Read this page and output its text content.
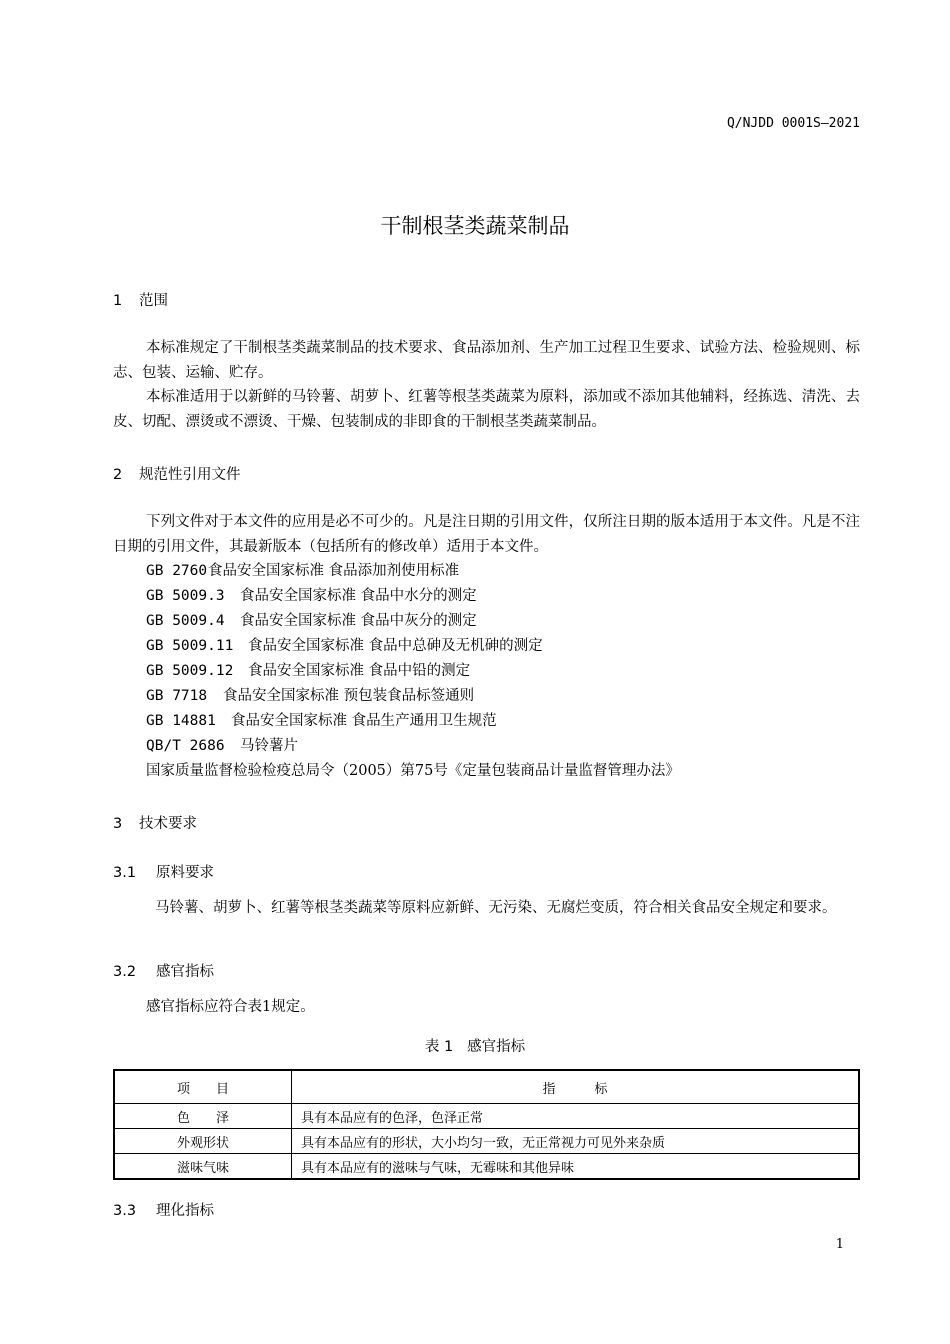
Q/NJDD 0001S—2021
干制根茎类蔬菜制品
1 范围
本标准规定了干制根茎类蔬菜制品的技术要求、食品添加剂、生产加工过程卫生要求、试验方法、检验规则、标志、包装、运输、贮存。
本标准适用于以新鲜的马铃薯、胡萝卜、红薯等根茎类蔬菜为原料，添加或不添加其他辅料，经拣选、清洗、去皮、切配、漂烫或不漂烫、干燥、包装制成的非即食的干制根茎类蔬菜制品。
2 规范性引用文件
下列文件对于本文件的应用是必不可少的。凡是注日期的引用文件，仅所注日期的版本适用于本文件。凡是不注日期的引用文件，其最新版本（包括所有的修改单）适用于本文件。
GB 2760食品安全国家标准 食品添加剂使用标准
GB 5009.3 食品安全国家标准 食品中水分的测定
GB 5009.4 食品安全国家标准 食品中灰分的测定
GB 5009.11 食品安全国家标准 食品中总砷及无机砷的测定
GB 5009.12 食品安全国家标准 食品中铅的测定
GB 7718 食品安全国家标准 预包装食品标签通则
GB 14881 食品安全国家标准 食品生产通用卫生规范
QB/T 2686 马铃薯片
国家质量监督检验检疫总局令（2005）第75号《定量包装商品计量监督管理办法》
3 技术要求
3.1 原料要求
马铃薯、胡萝卜、红薯等根茎类蔬菜等原料应新鲜、无污染、无腐烂变质，符合相关食品安全规定和要求。
3.2 感官指标
感官指标应符合表1规定。
表 1 感官指标
项　　目	指　　　标
色　　泽	具有本品应有的色泽，色泽正常
外观形状	具有本品应有的形状，大小均匀一致，无正常视力可见外来杂质
滋味气味	具有本品应有的滋味与气味，无霉味和其他异味
3.3 理化指标
1
